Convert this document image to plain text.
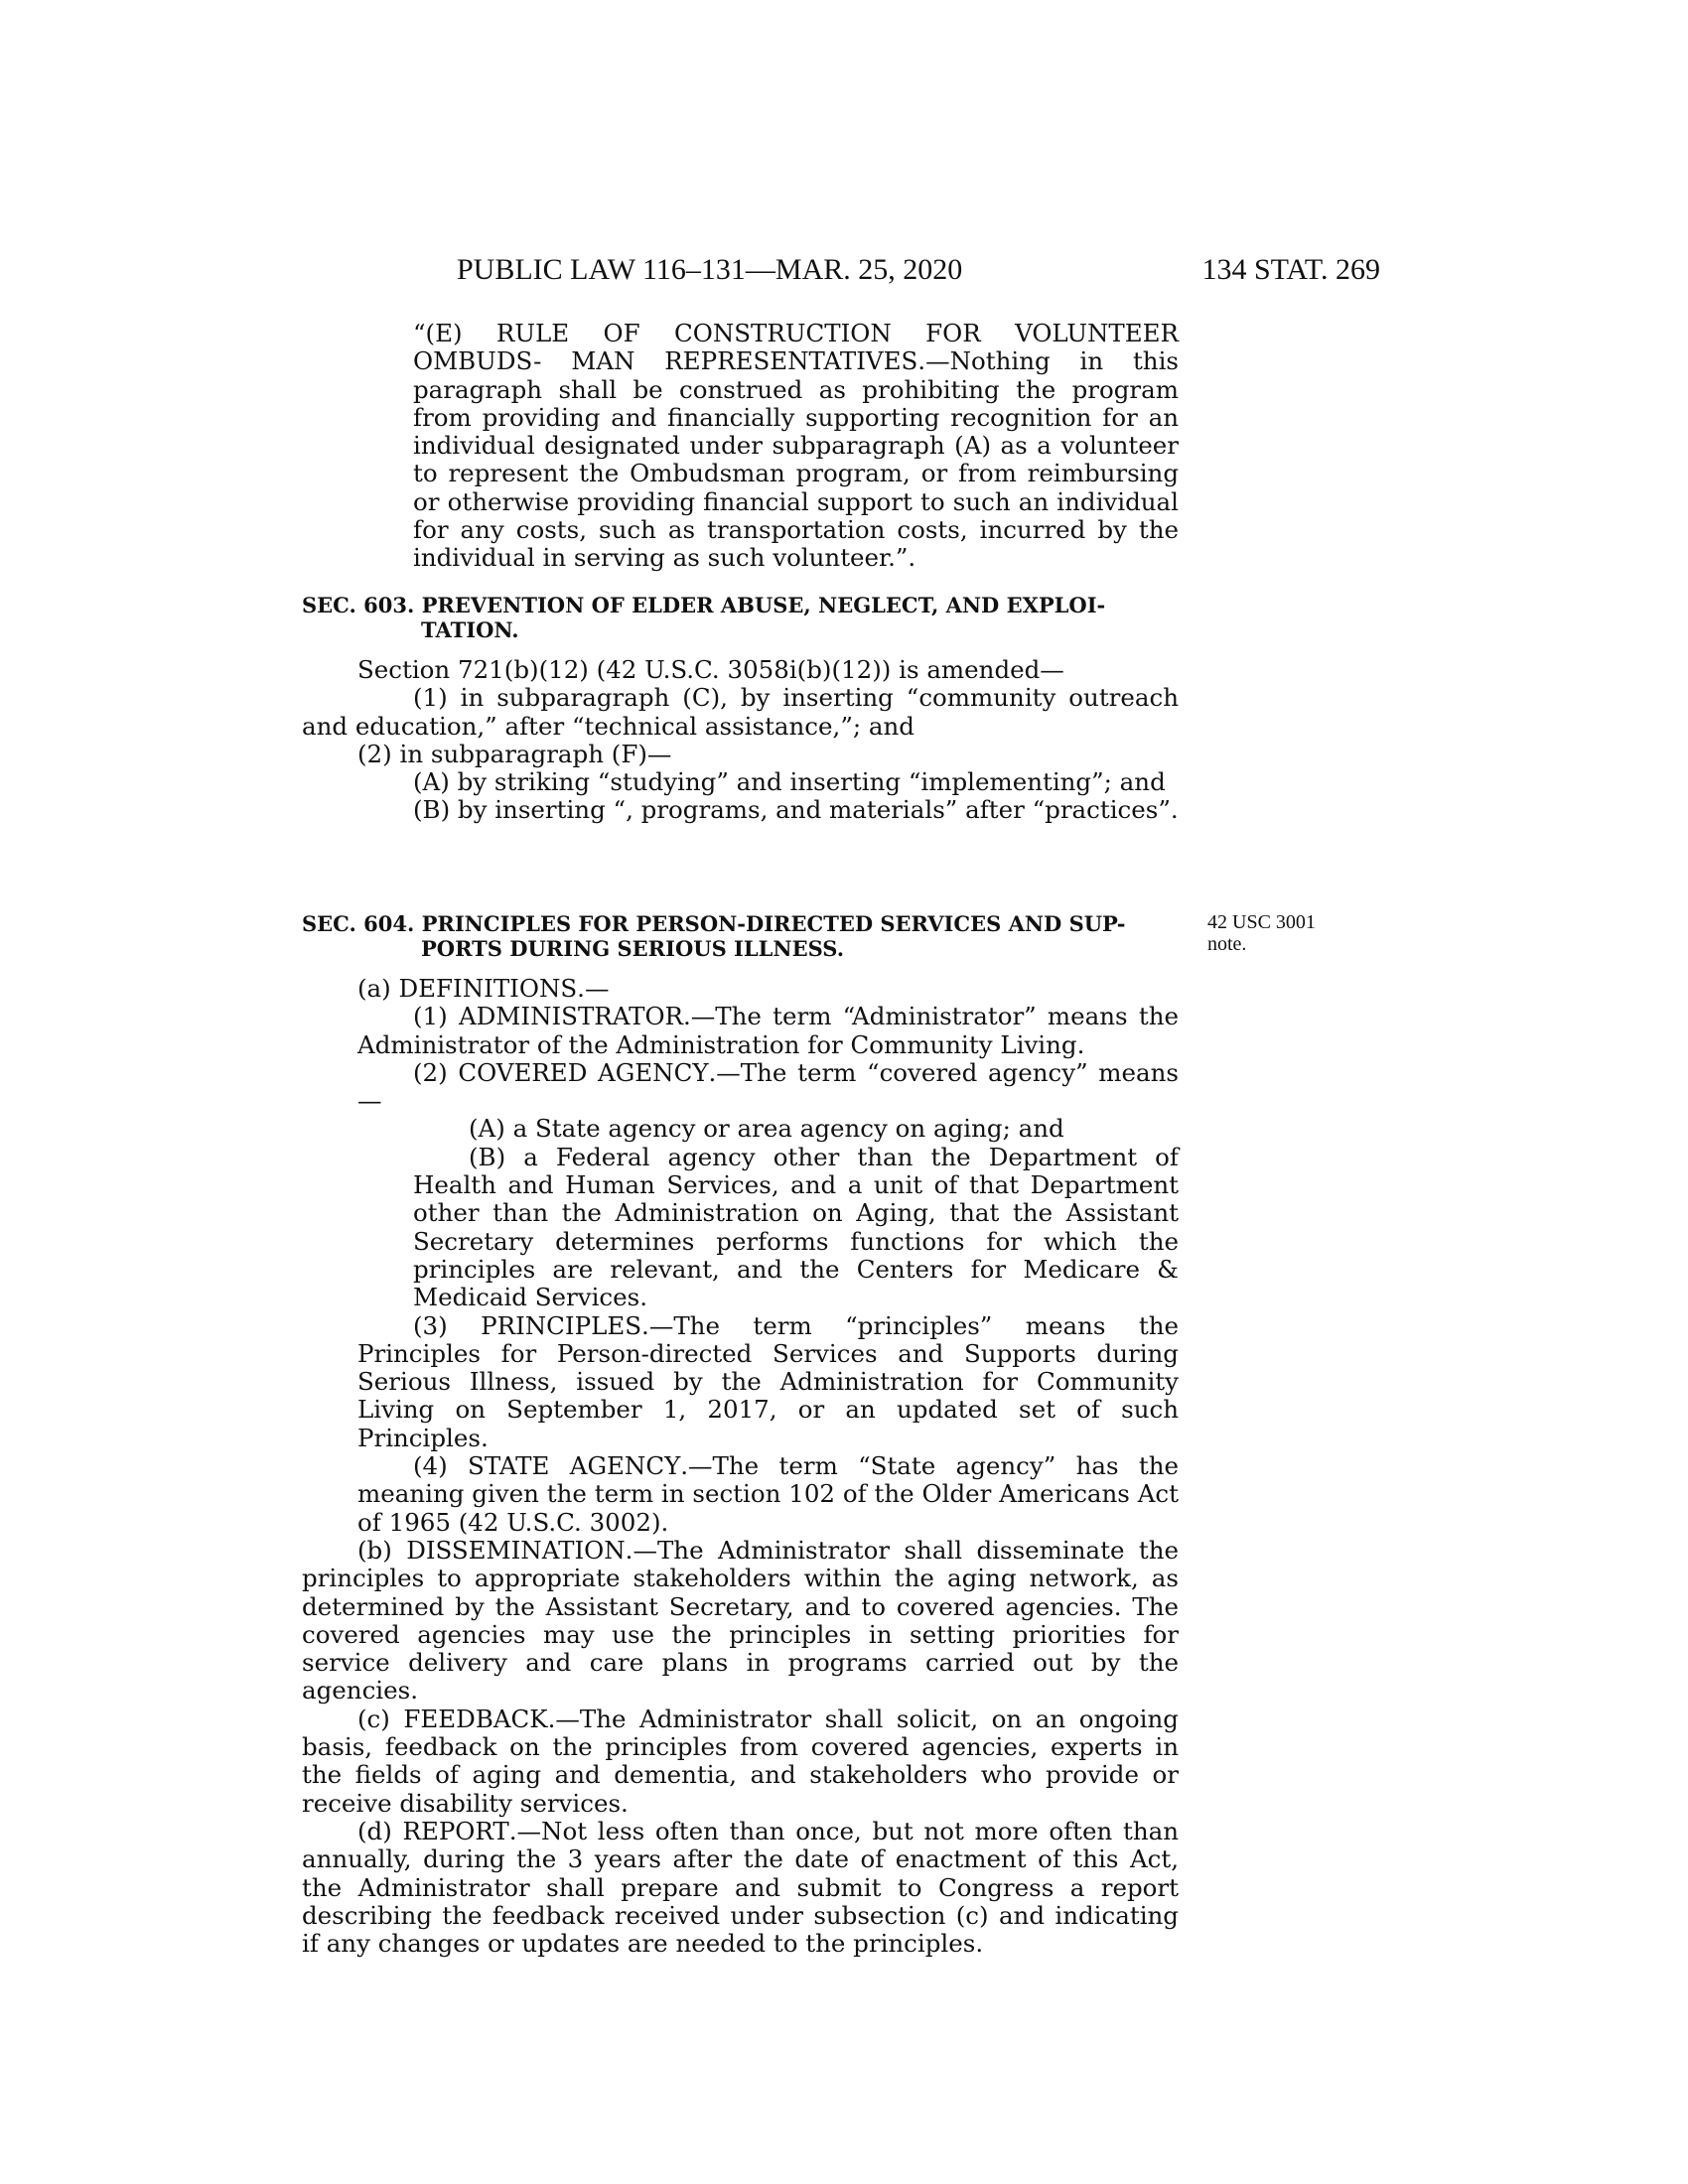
PUBLIC LAW 116–131—MAR. 25, 2020	134 STAT. 269

“(E) RULE OF CONSTRUCTION FOR VOLUNTEER OMBUDS- MAN REPRESENTATIVES.—Nothing in this paragraph shall be construed as prohibiting the program from providing and financially supporting recognition for an individual designated under subparagraph (A) as a volunteer to represent the Ombudsman program, or from reimbursing or otherwise providing financial support to such an individual for any costs, such as transportation costs, incurred by the individual in serving as such volunteer.”.

SEC. 603. PREVENTION OF ELDER ABUSE, NEGLECT, AND EXPLOI-
TATION.

Section 721(b)(12) (42 U.S.C. 3058i(b)(12)) is amended—

(1) in subparagraph (C), by inserting “community outreach and education,” after “technical assistance,”; and

(2) in subparagraph (F)—

(A) by striking “studying” and inserting “implementing”; and

(B) by inserting “, programs, and materials” after “practices”.

42 USC 3001
note.
SEC. 604. PRINCIPLES FOR PERSON-DIRECTED SERVICES AND SUP-
PORTS DURING SERIOUS ILLNESS.

(a) DEFINITIONS.—

(1) ADMINISTRATOR.—The term “Administrator” means the Administrator of the Administration for Community Living.

(2) COVERED AGENCY.—The term “covered agency” means—

(A) a State agency or area agency on aging; and

(B) a Federal agency other than the Department of Health and Human Services, and a unit of that Department other than the Administration on Aging, that the Assistant Secretary determines performs functions for which the principles are relevant, and the Centers for Medicare & Medicaid Services.

(3) PRINCIPLES.—The term “principles” means the Principles for Person-directed Services and Supports during Serious Illness, issued by the Administration for Community Living on September 1, 2017, or an updated set of such Principles.

(4) STATE AGENCY.—The term “State agency” has the meaning given the term in section 102 of the Older Americans Act of 1965 (42 U.S.C. 3002).

(b) DISSEMINATION.—The Administrator shall disseminate the principles to appropriate stakeholders within the aging network, as determined by the Assistant Secretary, and to covered agencies. The covered agencies may use the principles in setting priorities for service delivery and care plans in programs carried out by the agencies.

(c) FEEDBACK.—The Administrator shall solicit, on an ongoing basis, feedback on the principles from covered agencies, experts in the fields of aging and dementia, and stakeholders who provide or receive disability services.

(d) REPORT.—Not less often than once, but not more often than annually, during the 3 years after the date of enactment of this Act, the Administrator shall prepare and submit to Congress a report describing the feedback received under subsection (c) and indicating if any changes or updates are needed to the principles.
